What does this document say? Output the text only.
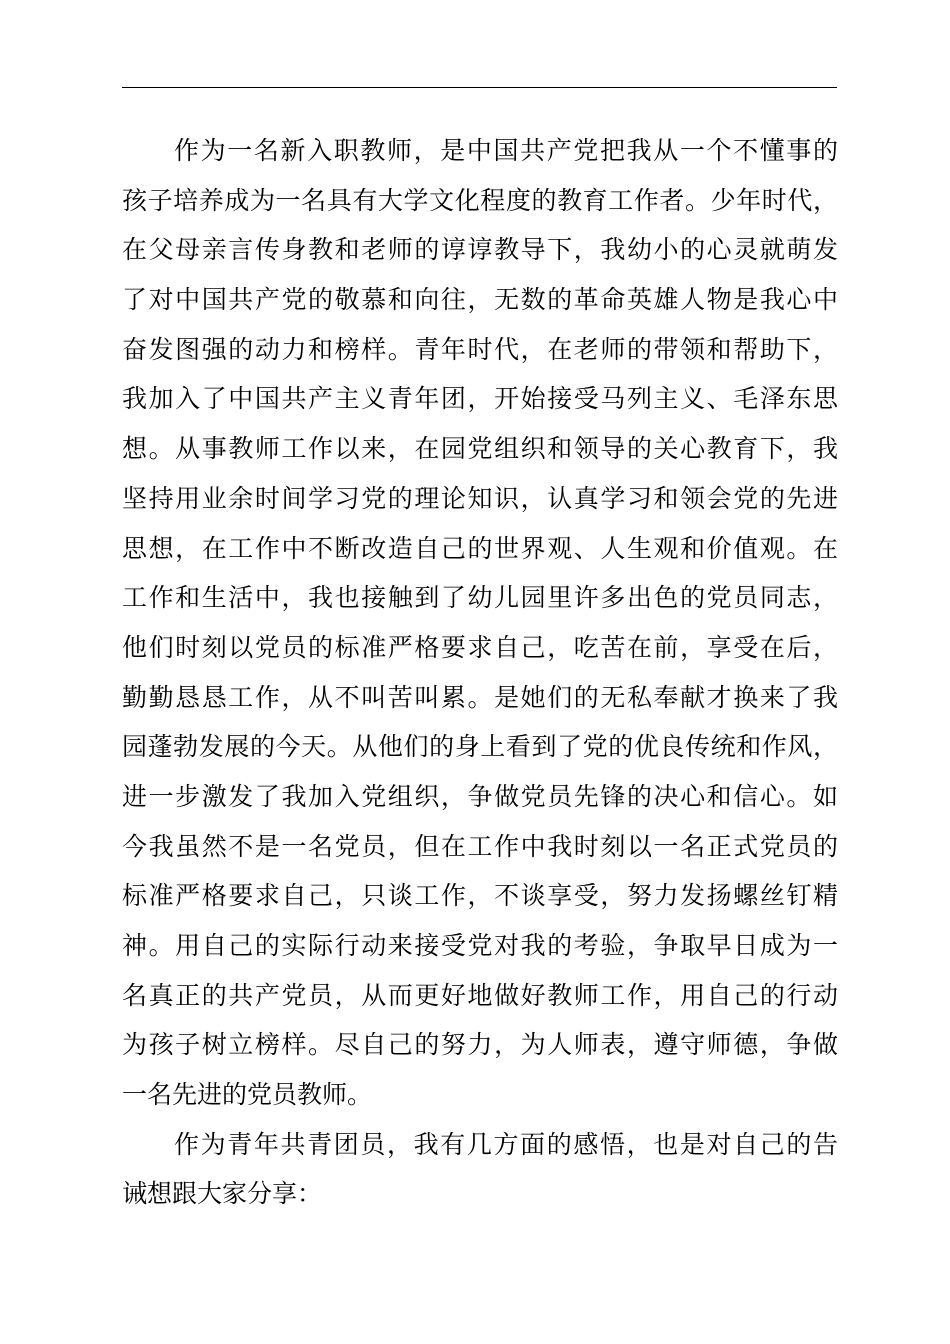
作为一名新入职教师，是中国共产党把我从一个不懂事的
孩子培养成为一名具有大学文化程度的教育工作者。少年时代，
在父母亲言传身教和老师的谆谆教导下，我幼小的心灵就萌发
了对中国共产党的敬慕和向往，无数的革命英雄人物是我心中
奋发图强的动力和榜样。青年时代，在老师的带领和帮助下，
我加入了中国共产主义青年团，开始接受马列主义、毛泽东思
想。从事教师工作以来，在园党组织和领导的关心教育下，我
坚持用业余时间学习党的理论知识，认真学习和领会党的先进
思想，在工作中不断改造自己的世界观、人生观和价值观。在
工作和生活中，我也接触到了幼儿园里许多出色的党员同志，
他们时刻以党员的标准严格要求自己，吃苦在前，享受在后，
勤勤恳恳工作，从不叫苦叫累。是她们的无私奉献才换来了我
园蓬勃发展的今天。从他们的身上看到了党的优良传统和作风，
进一步激发了我加入党组织，争做党员先锋的决心和信心。如
今我虽然不是一名党员，但在工作中我时刻以一名正式党员的
标准严格要求自己，只谈工作，不谈享受，努力发扬螺丝钉精
神。用自己的实际行动来接受党对我的考验，争取早日成为一
名真正的共产党员，从而更好地做好教师工作，用自己的行动
为孩子树立榜样。尽自己的努力，为人师表，遵守师德，争做
一名先进的党员教师。
作为青年共青团员，我有几方面的感悟，也是对自己的告
诫想跟大家分享：
